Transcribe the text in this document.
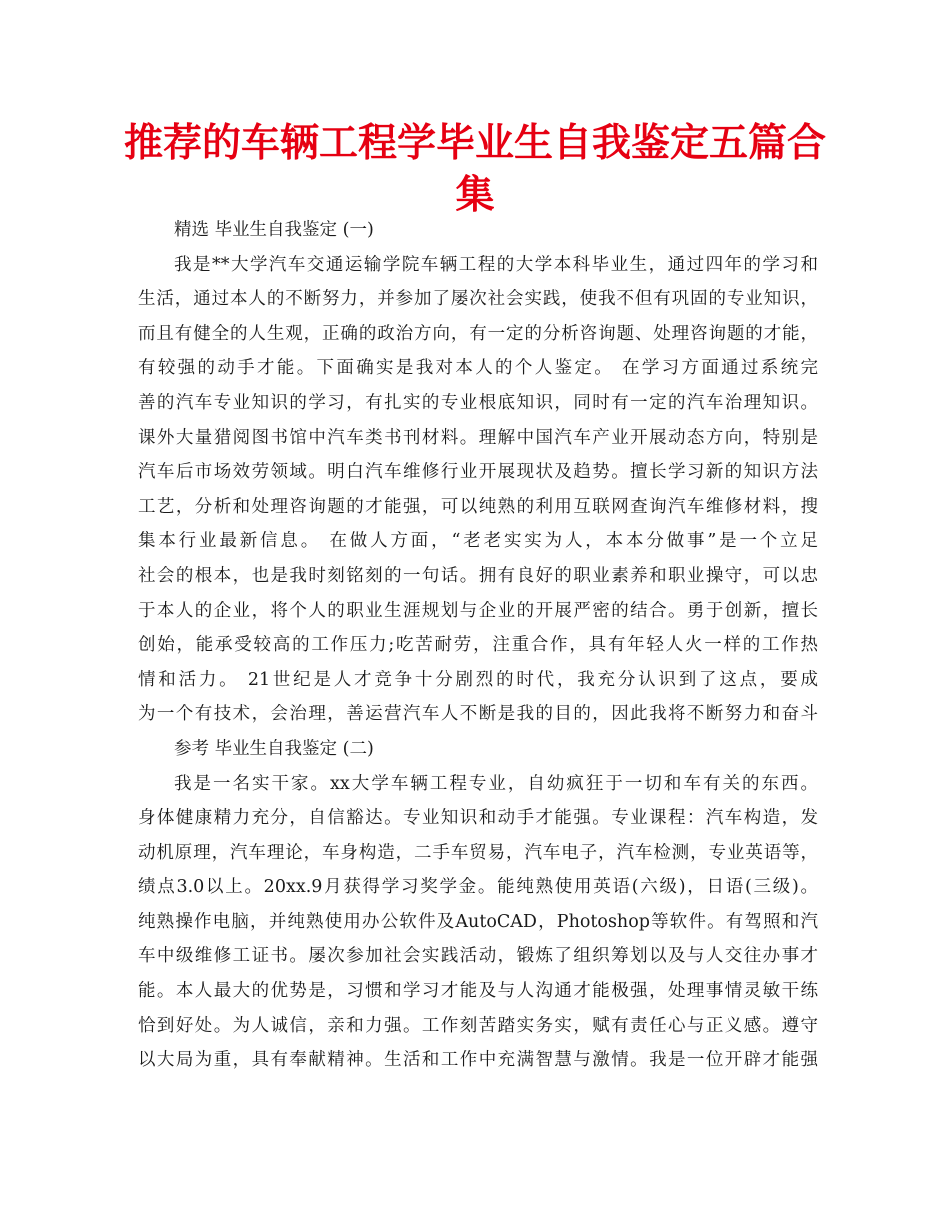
推荐的车辆工程学毕业生自我鉴定五篇合集
精选 毕业生自我鉴定 (一)
我是**大学汽车交通运输学院车辆工程的大学本科毕业生，通过四年的学习和
生活，通过本人的不断努力，并参加了屡次社会实践，使我不但有巩固的专业知识，
而且有健全的人生观，正确的政治方向，有一定的分析咨询题、处理咨询题的才能，
有较强的动手才能。下面确实是我对本人的个人鉴定。 在学习方面通过系统完
善的汽车专业知识的学习，有扎实的专业根底知识，同时有一定的汽车治理知识。
课外大量猎阅图书馆中汽车类书刊材料。理解中国汽车产业开展动态方向，特别是
汽车后市场效劳领域。明白汽车维修行业开展现状及趋势。擅长学习新的知识方法
工艺，分析和处理咨询题的才能强，可以纯熟的利用互联网查询汽车维修材料，搜
集本行业最新信息。 在做人方面，“老老实实为人，本本分做事”是一个立足
社会的根本，也是我时刻铭刻的一句话。拥有良好的职业素养和职业操守，可以忠
于本人的企业，将个人的职业生涯规划与企业的开展严密的结合。勇于创新，擅长
创始，能承受较高的工作压力;吃苦耐劳，注重合作，具有年轻人火一样的工作热
情和活力。 21世纪是人才竞争十分剧烈的时代，我充分认识到了这点，要成
为一个有技术，会治理，善运营汽车人不断是我的目的，因此我将不断努力和奋斗
参考 毕业生自我鉴定 (二)
我是一名实干家。xx大学车辆工程专业，自幼疯狂于一切和车有关的东西。
身体健康精力充分，自信豁达。专业知识和动手才能强。专业课程：汽车构造，发
动机原理，汽车理论，车身构造，二手车贸易，汽车电子，汽车检测，专业英语等，
绩点3.0以上。20xx.9月获得学习奖学金。能纯熟使用英语(六级)，日语(三级)。
纯熟操作电脑，并纯熟使用办公软件及AutoCAD，Photoshop等软件。有驾照和汽
车中级维修工证书。屡次参加社会实践活动，锻炼了组织筹划以及与人交往办事才
能。本人最大的优势是，习惯和学习才能及与人沟通才能极强，处理事情灵敏干练
恰到好处。为人诚信，亲和力强。工作刻苦踏实务实，赋有责任心与正义感。遵守
以大局为重，具有奉献精神。生活和工作中充满智慧与激情。我是一位开辟才能强
